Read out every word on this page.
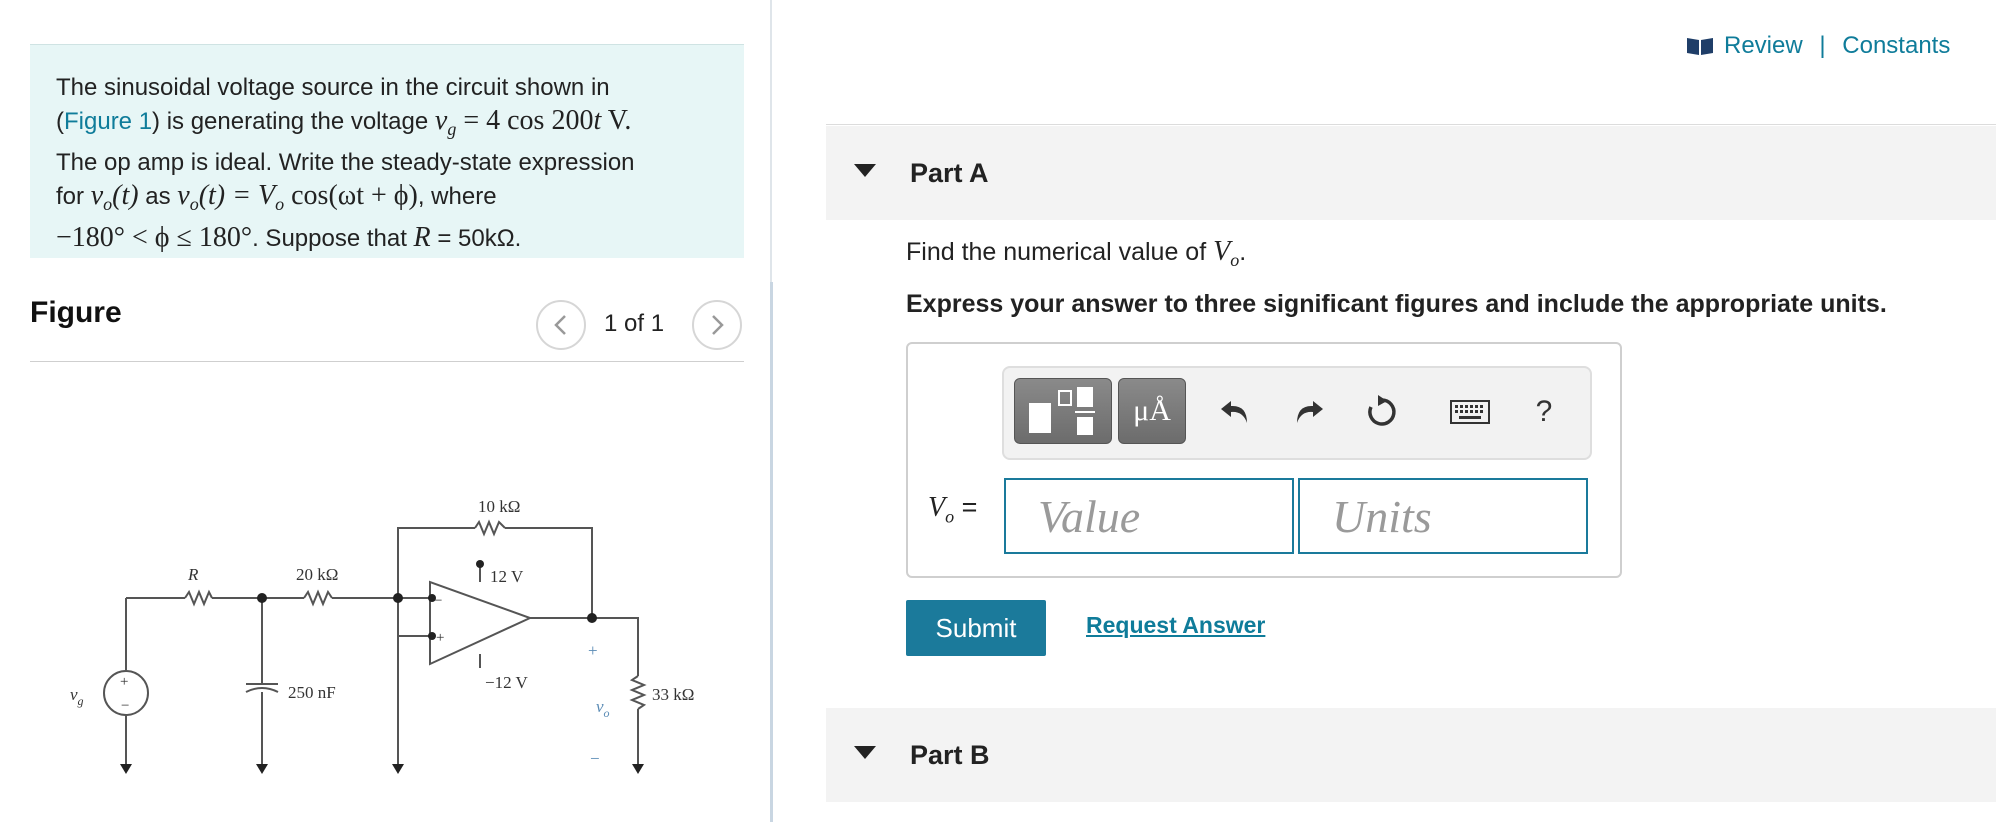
The sinusoidal voltage source in the circuit shown in
(Figure 1) is generating the voltage $v_g = 4$ cos 200t V.
The op amp is ideal. Write the steady-state expression
for $v_o(t)$ as $v_o(t) = V_o$ cos(ωt + ϕ), where
−180° < ϕ ≤ 180°. Suppose that R = 50kΩ.
Figure	1 of 1
10 kΩ
R	20 kΩ	12 V
−12 V
$v_g$	250 nF
$v_o$
33 kΩ
+
−
+
−
−
+
Review | Constants
Part A
Find the numerical value of $V_o$.
Express your answer to three significant figures and include the appropriate units.
μÅ	?
$V_o$ =
Value
Units
Submit	Request Answer
Part B
